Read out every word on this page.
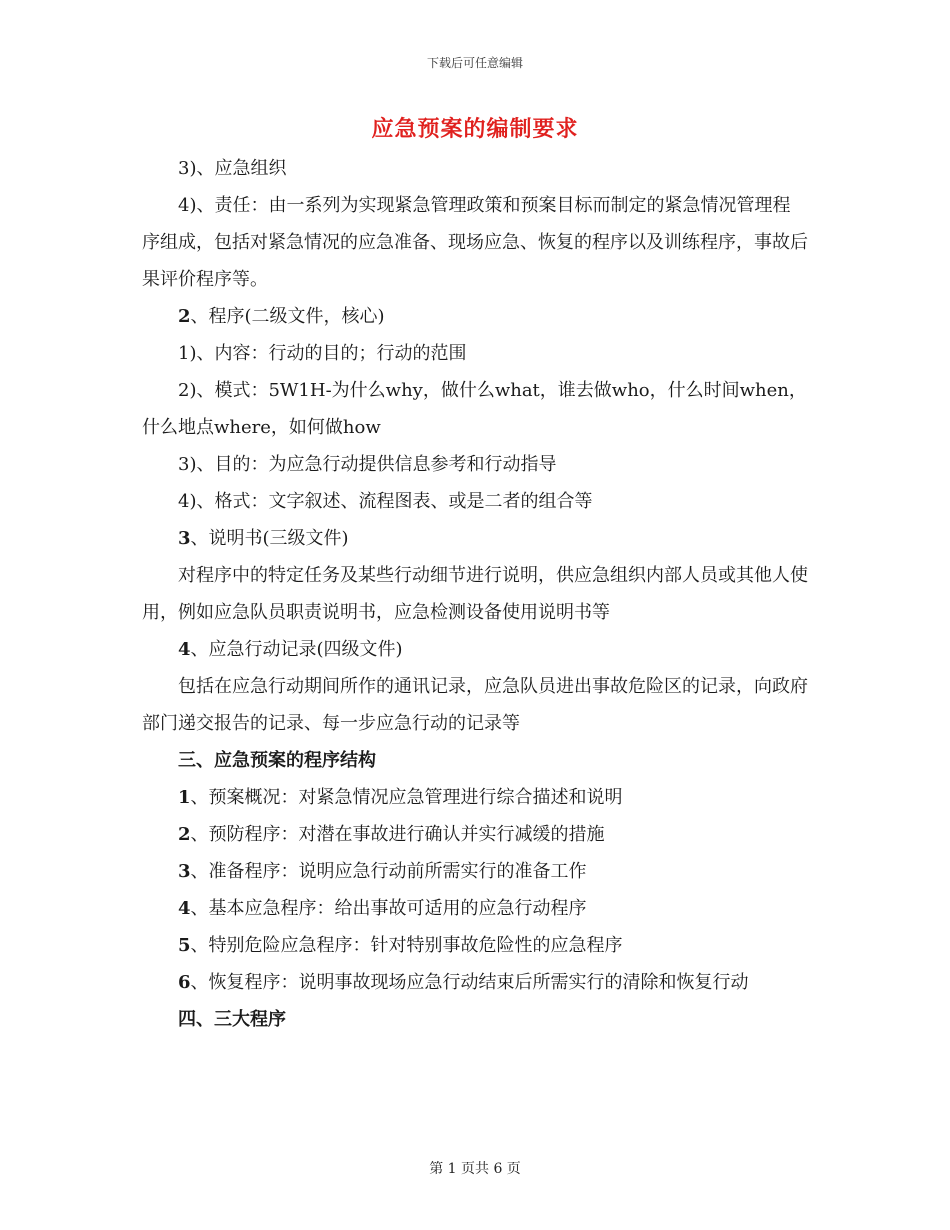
下载后可任意编辑
应急预案的编制要求

3)、应急组织

4)、责任：由一系列为实现紧急管理政策和预案目标而制定的紧急情况管理程序组成，包括对紧急情况的应急准备、现场应急、恢复的程序以及训练程序，事故后果评价程序等。

2、程序(二级文件，核心)

1)、内容：行动的目的；行动的范围

2)、模式：5W1H-为什么why，做什么what，谁去做who，什么时间when，什么地点where，如何做how

3)、目的：为应急行动提供信息参考和行动指导

4)、格式：文字叙述、流程图表、或是二者的组合等

3、说明书(三级文件)

对程序中的特定任务及某些行动细节进行说明，供应急组织内部人员或其他人使用，例如应急队员职责说明书，应急检测设备使用说明书等

4、应急行动记录(四级文件)

包括在应急行动期间所作的通讯记录，应急队员进出事故危险区的记录，向政府部门递交报告的记录、每一步应急行动的记录等

三、应急预案的程序结构

1、预案概况：对紧急情况应急管理进行综合描述和说明

2、预防程序：对潜在事故进行确认并实行减缓的措施

3、准备程序：说明应急行动前所需实行的准备工作

4、基本应急程序：给出事故可适用的应急行动程序

5、特别危险应急程序：针对特别事故危险性的应急程序

6、恢复程序：说明事故现场应急行动结束后所需实行的清除和恢复行动

四、三大程序

第 1 页共 6 页
